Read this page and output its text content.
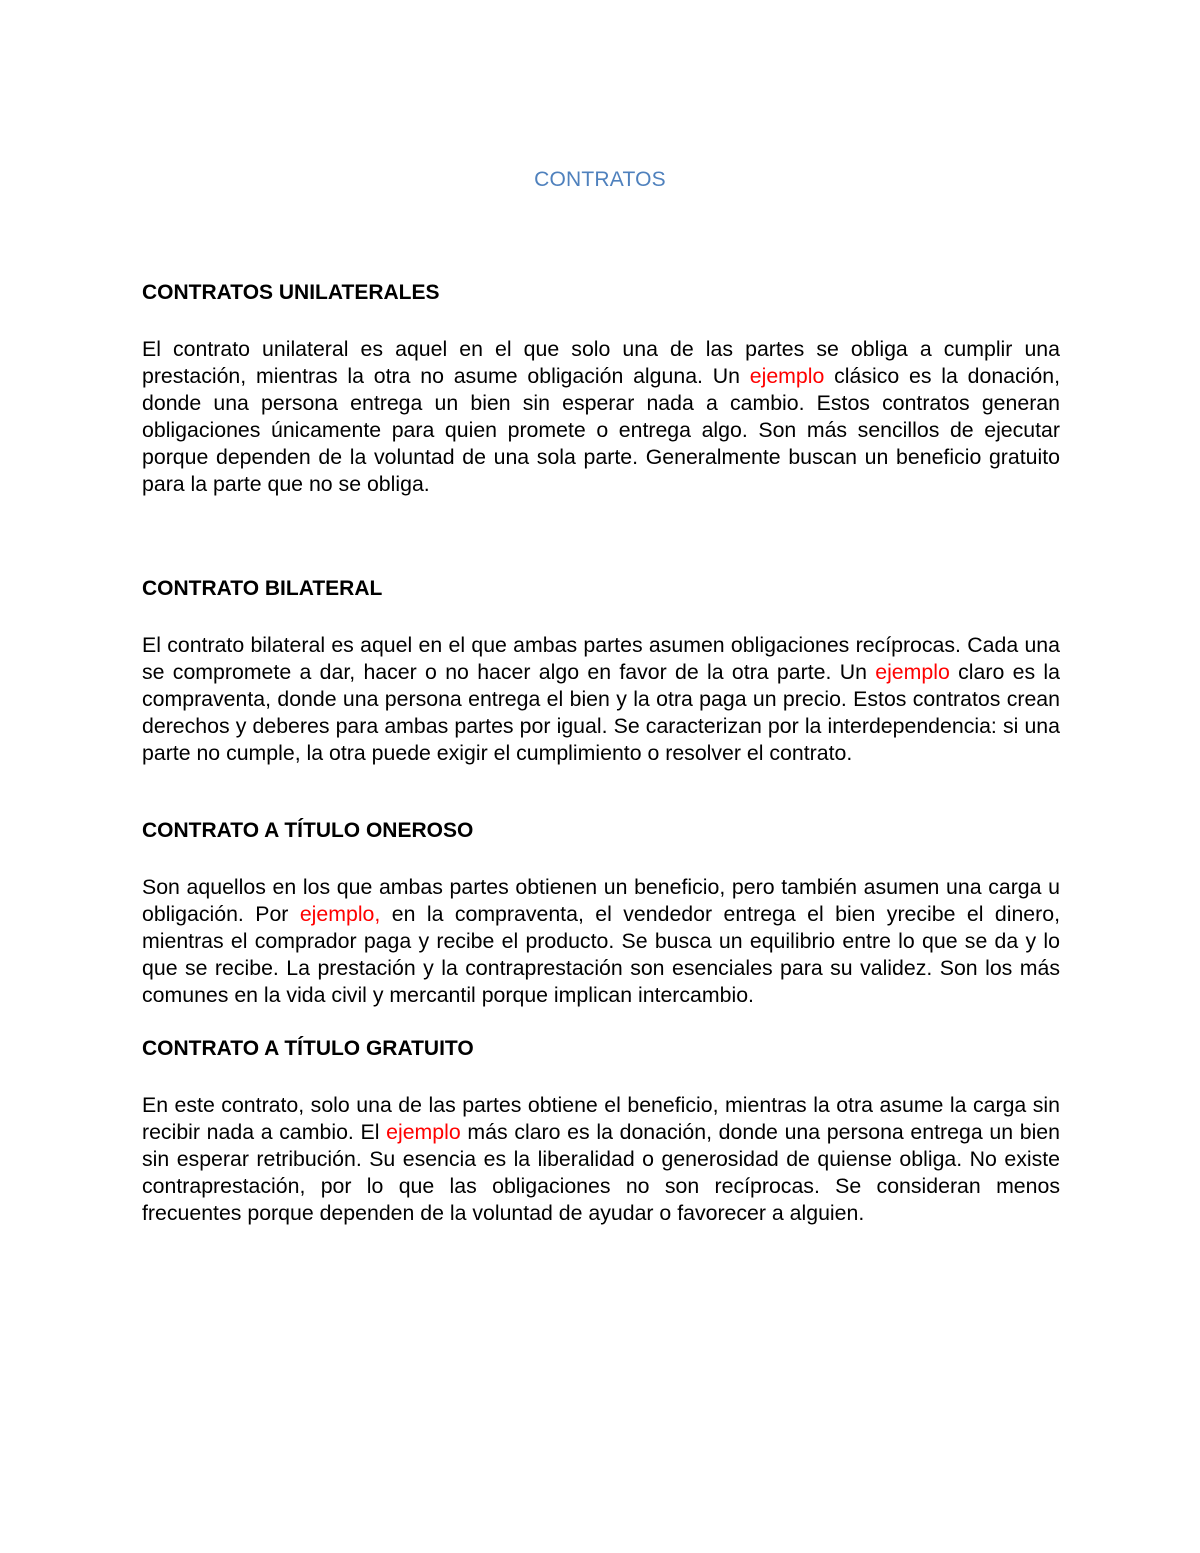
CONTRATOS
CONTRATOS UNILATERALES

El contrato unilateral es aquel en el que solo una de las partes se obliga a cumplir una prestación, mientras la otra no asume obligación alguna. Un ejemplo clásico es la donación, donde una persona entrega un bien sin esperar nada a cambio. Estos contratos generan obligaciones únicamente para quien promete o entrega algo. Son más sencillos de ejecutar porque dependen de la voluntad de una sola parte. Generalmente buscan un beneficio gratuito para la parte que no se obliga.

CONTRATO BILATERAL

El contrato bilateral es aquel en el que ambas partes asumen obligaciones recíprocas. Cada una se compromete a dar, hacer o no hacer algo en favor de la otra parte. Un ejemplo claro es la compraventa, donde una persona entrega el bien y la otra paga un precio. Estos contratos crean derechos y deberes para ambas partes por igual. Se caracterizan por la interdependencia: si una parte no cumple, la otra puede exigir el cumplimiento o resolver el contrato.

CONTRATO A TÍTULO ONEROSO

Son aquellos en los que ambas partes obtienen un beneficio, pero también asumen una carga u obligación. Por ejemplo, en la compraventa, el vendedor entrega el bien yrecibe el dinero, mientras el comprador paga y recibe el producto. Se busca un equilibrio entre lo que se da y lo que se recibe. La prestación y la contraprestación son esenciales para su validez. Son los más comunes en la vida civil y mercantil porque implican intercambio.

CONTRATO A TÍTULO GRATUITO

En este contrato, solo una de las partes obtiene el beneficio, mientras la otra asume la carga sin recibir nada a cambio. El ejemplo más claro es la donación, donde una persona entrega un bien sin esperar retribución. Su esencia es la liberalidad o generosidad de quiense obliga. No existe contraprestación, por lo que las obligaciones no son recíprocas. Se consideran menos frecuentes porque dependen de la voluntad de ayudar o favorecer a alguien.
